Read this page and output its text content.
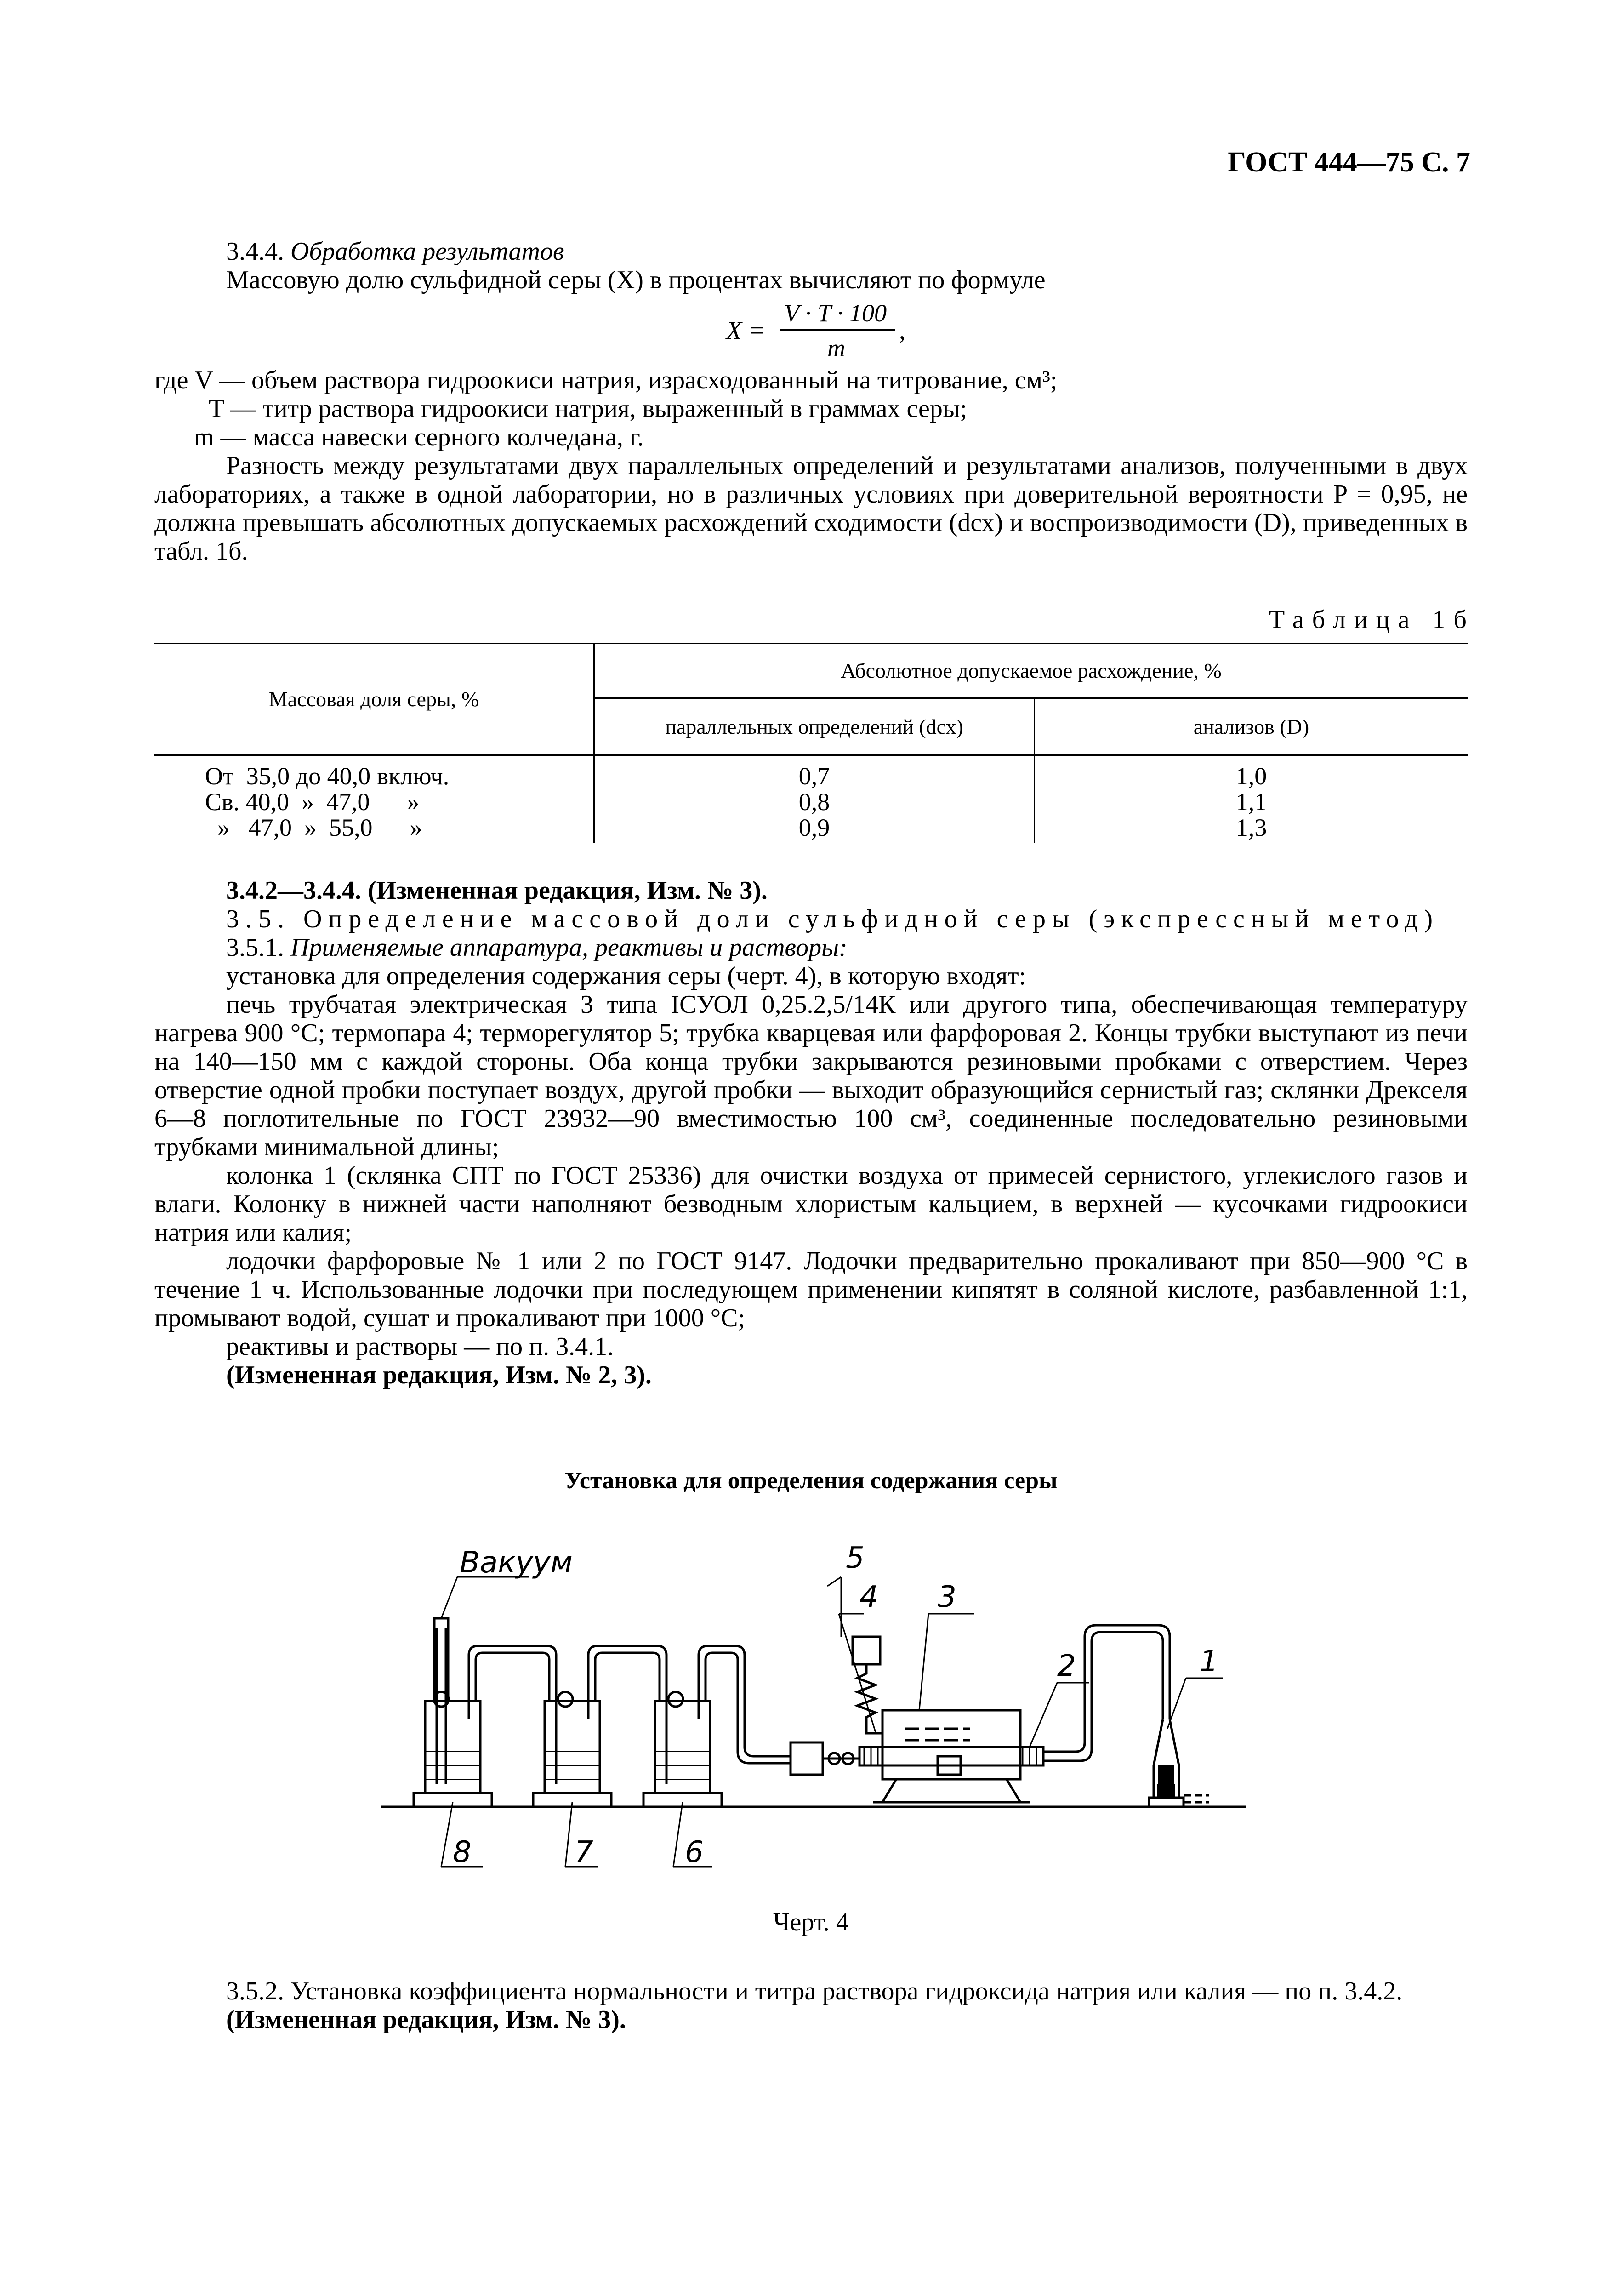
ГОСТ 444—75 С. 7

3.4.4. Обработка результатов

Массовую долю сульфидной серы (X) в процентах вычисляют по формуле

X =
V · T · 100
m
,

где V — объем раствора гидроокиси натрия, израсходованный на титрование, см³;

T — титр раствора гидроокиси натрия, выраженный в граммах серы;

m — масса навески серного колчедана, г.

Разность между результатами двух параллельных определений и результатами анализов, полученными в двух лабораториях, а также в одной лаборатории, но в различных условиях при доверительной вероятности P = 0,95, не должна превышать абсолютных допускаемых расхождений сходимости (dсх) и воспроизводимости (D), приведенных в табл. 1б.

Таблица 1б
Массовая доля серы, %	Абсолютное допускаемое расхождение, %	
	параллельных определений (dсх)	анализов (D)
От  35,0 до 40,0 включ.	0,7	1,0
Св. 40,0  »  47,0      »	0,8	1,1
»   47,0  »  55,0      »	0,9	1,3

3.4.2—3.4.4. (Измененная редакция, Изм. № 3).

3.5. Определение массовой доли сульфидной серы (экспрессный метод)

3.5.1. Применяемые аппаратура, реактивы и растворы:

установка для определения содержания серы (черт. 4), в которую входят:

печь трубчатая электрическая 3 типа ICУОЛ 0,25.2,5/14К или другого типа, обеспечивающая температуру нагрева 900 °С; термопара 4; терморегулятор 5; трубка кварцевая или фарфоровая 2. Концы трубки выступают из печи на 140—150 мм с каждой стороны. Оба конца трубки закрываются резиновыми пробками с отверстием. Через отверстие одной пробки поступает воздух, другой пробки — выходит образующийся сернистый газ; склянки Дрекселя 6—8 поглотительные по ГОСТ 23932—90 вместимостью 100 см³, соединенные последовательно резиновыми трубками минимальной длины;

колонка 1 (склянка СПТ по ГОСТ 25336) для очистки воздуха от примесей сернистого, углекислого газов и влаги. Колонку в нижней части наполняют безводным хлористым кальцием, в верхней — кусочками гидроокиси натрия или калия;

лодочки фарфоровые № 1 или 2 по ГОСТ 9147. Лодочки предварительно прокаливают при 850—900 °С в течение 1 ч. Использованные лодочки при последующем применении кипятят в соляной кислоте, разбавленной 1:1, промывают водой, сушат и прокаливают при 1000 °С;

реактивы и растворы — по п. 3.4.1.

(Измененная редакция, Изм. № 2, 3).

Установка для определения содержания серы
Вакуум	5
4 3
2	1
8	7	6
Черт. 4

3.5.2. Установка коэффициента нормальности и титра раствора гидроксида натрия или калия — по п. 3.4.2.

(Измененная редакция, Изм. № 3).
